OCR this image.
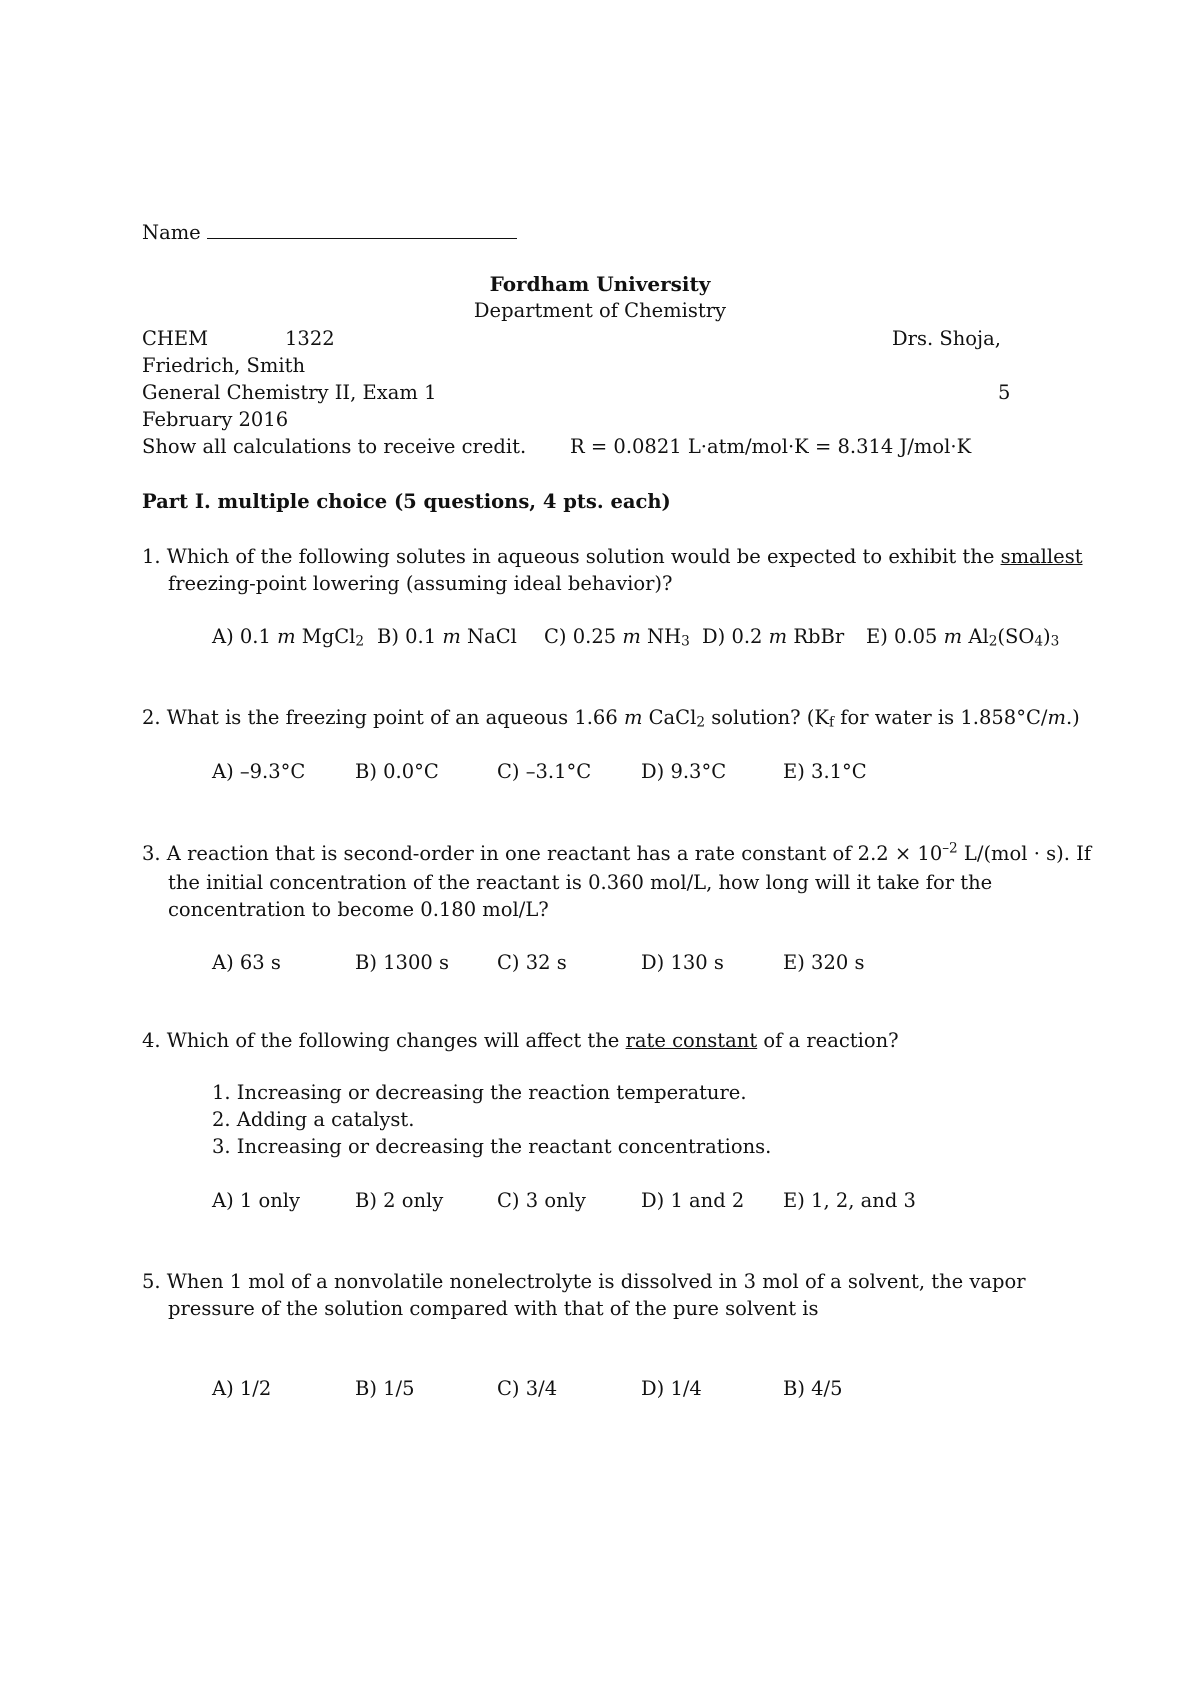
Name
Fordham University
Department of Chemistry
CHEM	1322	Drs. Shoja,
Friedrich, Smith
General Chemistry II, Exam 1	5
February 2016
Show all calculations to receive credit. R = 0.0821 L·atm/mol·K = 8.314 J/mol·K
Part I. multiple choice (5 questions, 4 pts. each)
1. Which of the following solutes in aqueous solution would be expected to exhibit the smallest
freezing-point lowering (assuming ideal behavior)?
A) 0.1 m MgCl$_2$ B) 0.1 m NaCl C) 0.25 m $NH_3$ D) 0.2 m RbBr E) 0.05 m $Al_2(SO_4)_3$
2. What is the freezing point of an aqueous 1.66 m CaCl$_2$ solution? ($K_f$ for water is 1.858°C/m.)
A) –9.3°C	B) 0.0°C	C) –3.1°C	D) 9.3°C	E) 3.1°C
3. A reaction that is second-order in one reactant has a rate constant of $2.2 \times 10^{-2}$ L/(mol · s). If
the initial concentration of the reactant is 0.360 mol/L, how long will it take for the
concentration to become 0.180 mol/L?
A) 63 s	B) 1300 s C) 32 s	D) 130 s	E) 320 s
4. Which of the following changes will affect the rate constant of a reaction?
1. Increasing or decreasing the reaction temperature.
2. Adding a catalyst.
3. Increasing or decreasing the reactant concentrations.
A) 1 only	B) 2 only	C) 3 only	D) 1 and 2 E) 1, 2, and 3
5. When 1 mol of a nonvolatile nonelectrolyte is dissolved in 3 mol of a solvent, the vapor
pressure of the solution compared with that of the pure solvent is
A) 1/2	B) 1/5	C) 3/4	D) 1/4	B) 4/5
